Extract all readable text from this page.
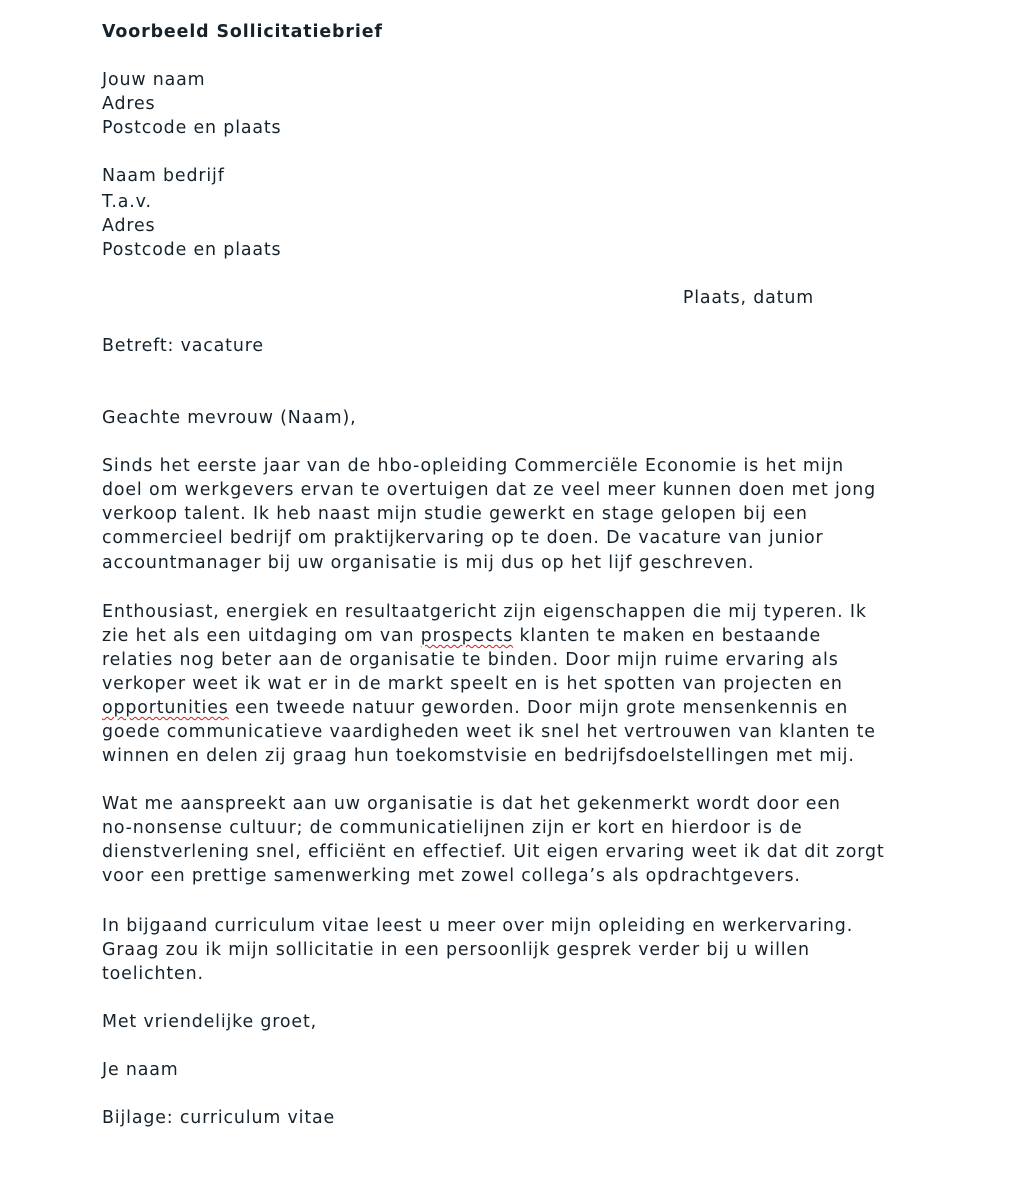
Voorbeeld Sollicitatiebrief
Jouw naam
Adres
Postcode en plaats
Naam bedrijf
T.a.v.
Adres
Postcode en plaats
Plaats, datum
Betreft: vacature
Geachte mevrouw (Naam),
Sinds het eerste jaar van de hbo-opleiding Commerciële Economie is het mijn
doel om werkgevers ervan te overtuigen dat ze veel meer kunnen doen met jong
verkoop talent. Ik heb naast mijn studie gewerkt en stage gelopen bij een
commercieel bedrijf om praktijkervaring op te doen. De vacature van junior
accountmanager bij uw organisatie is mij dus op het lijf geschreven.
Enthousiast, energiek en resultaatgericht zijn eigenschappen die mij typeren. Ik
zie het als een uitdaging om van prospects klanten te maken en bestaande
relaties nog beter aan de organisatie te binden. Door mijn ruime ervaring als
verkoper weet ik wat er in de markt speelt en is het spotten van projecten en
opportunities een tweede natuur geworden. Door mijn grote mensenkennis en
goede communicatieve vaardigheden weet ik snel het vertrouwen van klanten te
winnen en delen zij graag hun toekomstvisie en bedrijfsdoelstellingen met mij.
Wat me aanspreekt aan uw organisatie is dat het gekenmerkt wordt door een
no-nonsense cultuur; de communicatielijnen zijn er kort en hierdoor is de
dienstverlening snel, efficiënt en effectief. Uit eigen ervaring weet ik dat dit zorgt
voor een prettige samenwerking met zowel collega’s als opdrachtgevers.
In bijgaand curriculum vitae leest u meer over mijn opleiding en werkervaring.
Graag zou ik mijn sollicitatie in een persoonlijk gesprek verder bij u willen
toelichten.
Met vriendelijke groet,
Je naam
Bijlage: curriculum vitae
